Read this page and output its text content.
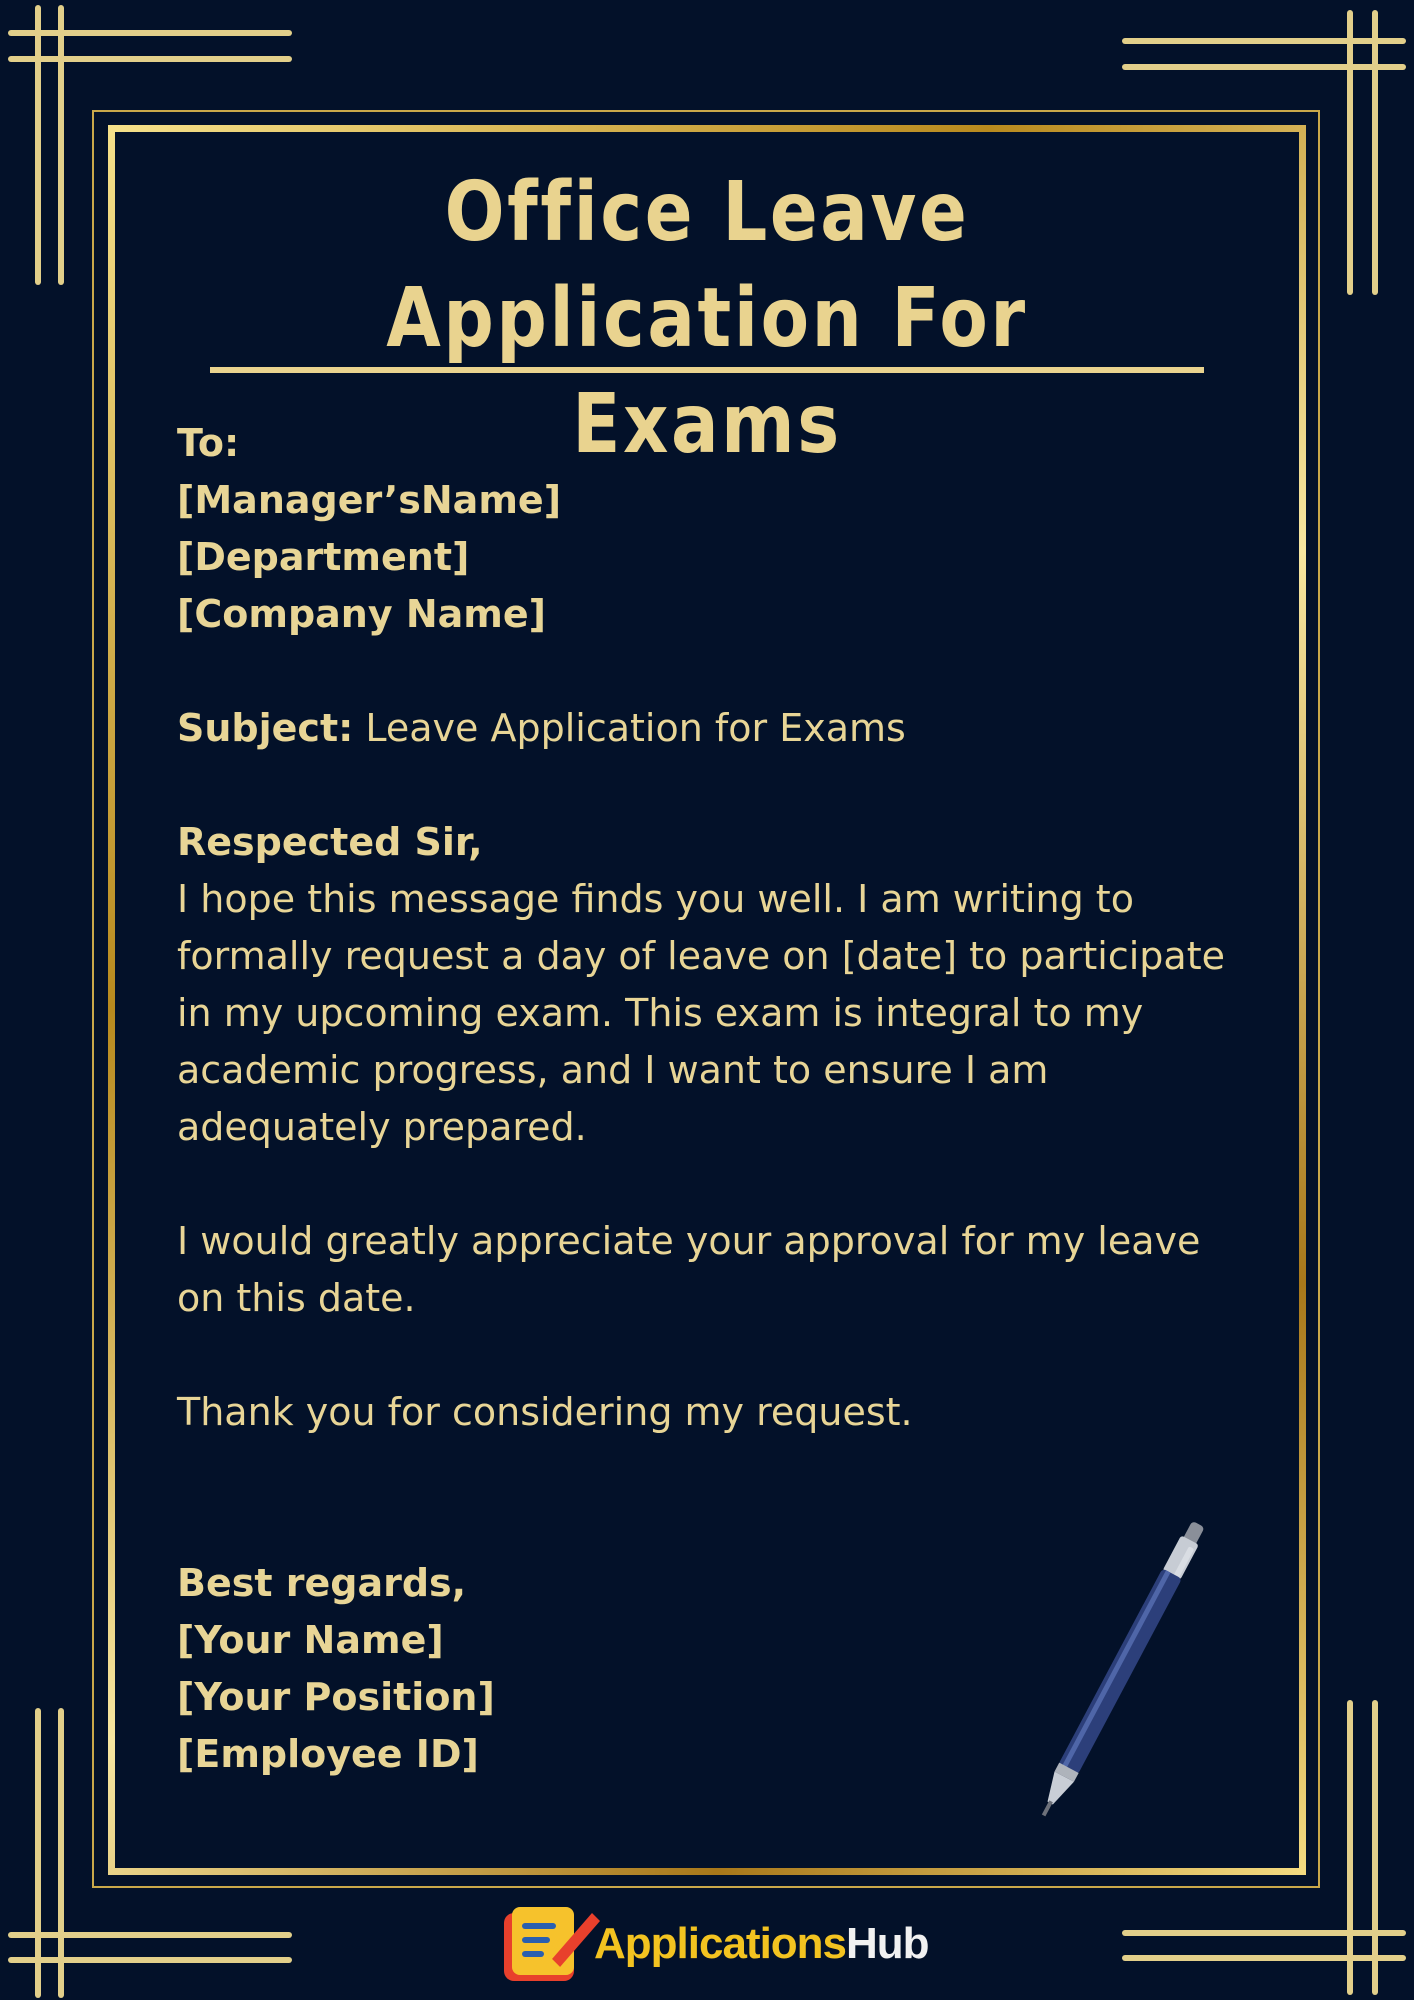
Office Leave
Application For Exams

To:

[Manager’sName]

[Department]

[Company Name]

Subject: Leave Application for Exams

Respected Sir,

I hope this message finds you well. I am writing to formally request a day of leave on [date] to participate in my upcoming exam. This exam is integral to my academic progress, and I want to ensure I am adequately prepared.

I would greatly appreciate your approval for my leave on this date.

Thank you for considering my request.

Best regards,

[Your Name]

[Your Position]

[Employee ID]

ApplicationsHub
